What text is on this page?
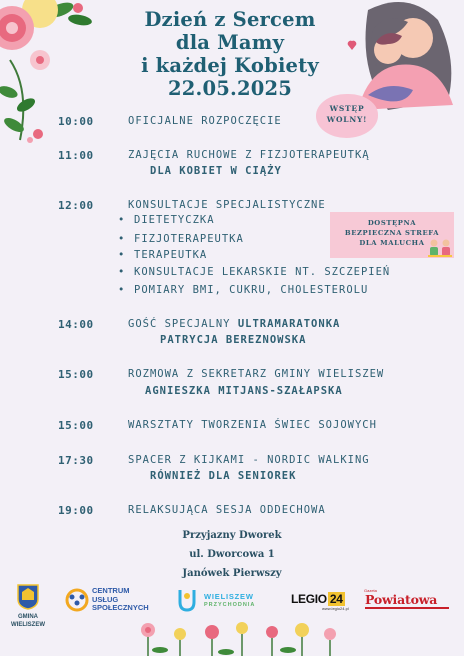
Dzień z Sercem
dla Mamy
i każdej Kobiety
22.05.2025
WSTĘP
WOLNY!
10:00	OFICJALNE ROZPOCZĘCIE
11:00	ZAJĘCIA RUCHOWE Z FIZJOTERAPEUTKĄ
DLA KOBIET W CIĄŻY
12:00	KONSULTACJE SPECJALISTYCZNE
• DIETETYCZKA
• FIZJOTERAPEUTKA
• TERAPEUTKA
• KONSULTACJE LEKARSKIE NT. SZCZEPIEŃ
• POMIARY BMI, CUKRU, CHOLESTEROLU
14:00	GOŚĆ SPECJALNY ULTRAMARATONKA
PATRYCJA BEREZNOWSKA
15:00	ROZMOWA Z SEKRETARZ GMINY WIELISZEW
AGNIESZKA MITJANS-SZAŁAPSKA
15:00	WARSZTATY TWORZENIA ŚWIEC SOJOWYCH
17:30	SPACER Z KIJKAMI - NORDIC WALKING
RÓWNIEŻ DLA SENIOREK
19:00	RELAKSUJĄCA SESJA ODDECHOWA
DOSTĘPNA
BEZPIECZNA STREFA
DLA MALUCHA
Przyjazny Dworek
ul. Dworcowa 1
Janówek Pierwszy
GMINA
WIELISZEW
CENTRUM
USŁUG
SPOŁECZNYCH
WIELISZEW
PRZYCHODNIA	LEGIO 24
www.legio24.pl
Gazeta
Powiatowa
